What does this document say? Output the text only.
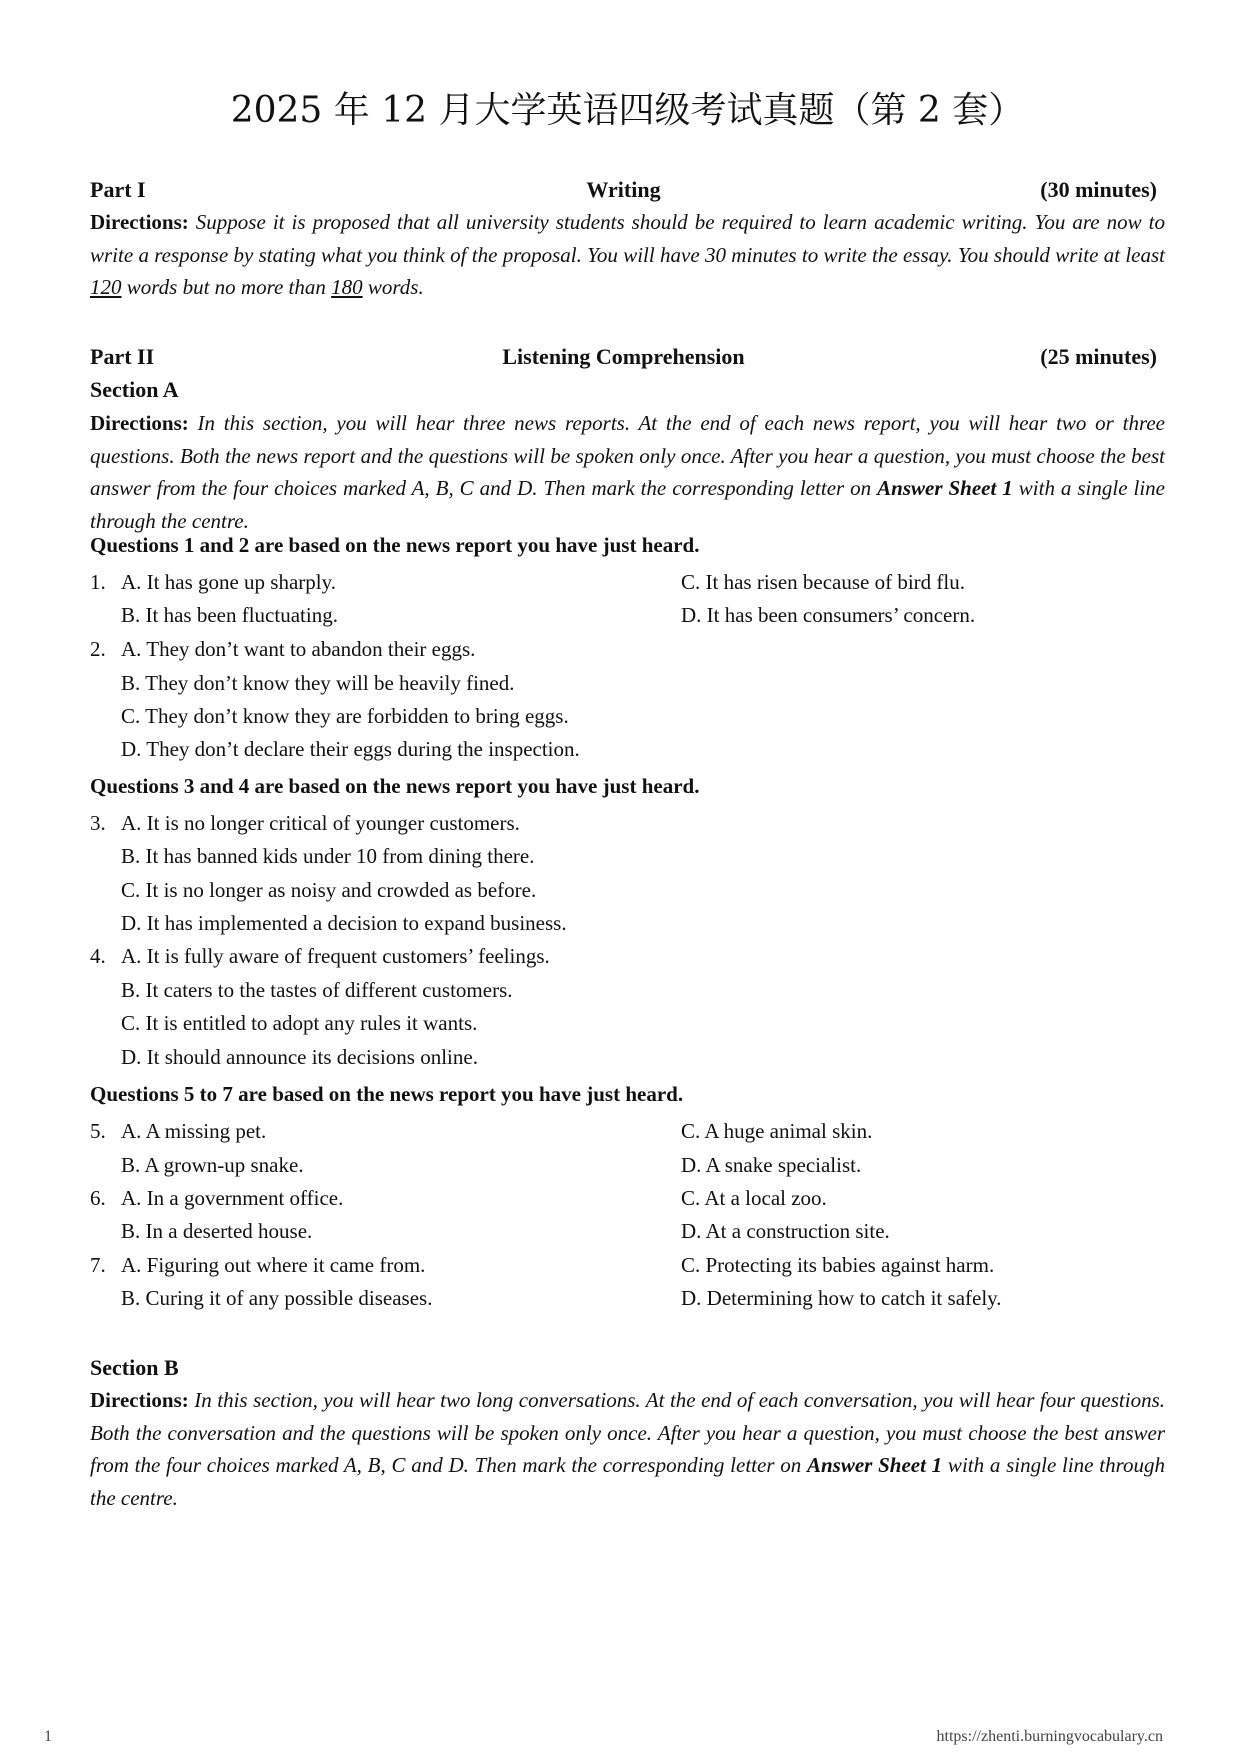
2025 年 12 月大学英语四级考试真题（第 2 套）
Part I	Writing	(30 minutes)
Directions: Suppose it is proposed that all university students should be required to learn academic writing. You are now to write a response by stating what you think of the proposal. You will have 30 minutes to write the essay. You should write at least 120 words but no more than 180 words.
Part II	Listening Comprehension	(25 minutes)
Section A
Directions: In this section, you will hear three news reports. At the end of each news report, you will hear two or three questions. Both the news report and the questions will be spoken only once. After you hear a question, you must choose the best answer from the four choices marked A, B, C and D. Then mark the corresponding letter on Answer Sheet 1 with a single line through the centre.
Questions 1 and 2 are based on the news report you have just heard.
1. A. It has gone up sharply.	C. It has risen because of bird flu.
B. It has been fluctuating.	D. It has been consumers’ concern.
2. A. They don’t want to abandon their eggs.
B. They don’t know they will be heavily fined.
C. They don’t know they are forbidden to bring eggs.
D. They don’t declare their eggs during the inspection.
Questions 3 and 4 are based on the news report you have just heard.
3. A. It is no longer critical of younger customers.
B. It has banned kids under 10 from dining there.
C. It is no longer as noisy and crowded as before.
D. It has implemented a decision to expand business.
4. A. It is fully aware of frequent customers’ feelings.
B. It caters to the tastes of different customers.
C. It is entitled to adopt any rules it wants.
D. It should announce its decisions online.
Questions 5 to 7 are based on the news report you have just heard.
5. A. A missing pet.	C. A huge animal skin.
B. A grown-up snake.	D. A snake specialist.
6. A. In a government office.	C. At a local zoo.
B. In a deserted house.	D. At a construction site.
7. A. Figuring out where it came from.	C. Protecting its babies against harm.
B. Curing it of any possible diseases.	D. Determining how to catch it safely.
Section B
Directions: In this section, you will hear two long conversations. At the end of each conversation, you will hear four questions. Both the conversation and the questions will be spoken only once. After you hear a question, you must choose the best answer from the four choices marked A, B, C and D. Then mark the corresponding letter on Answer Sheet 1 with a single line through the centre.
1	https://zhenti.burningvocabulary.cn
